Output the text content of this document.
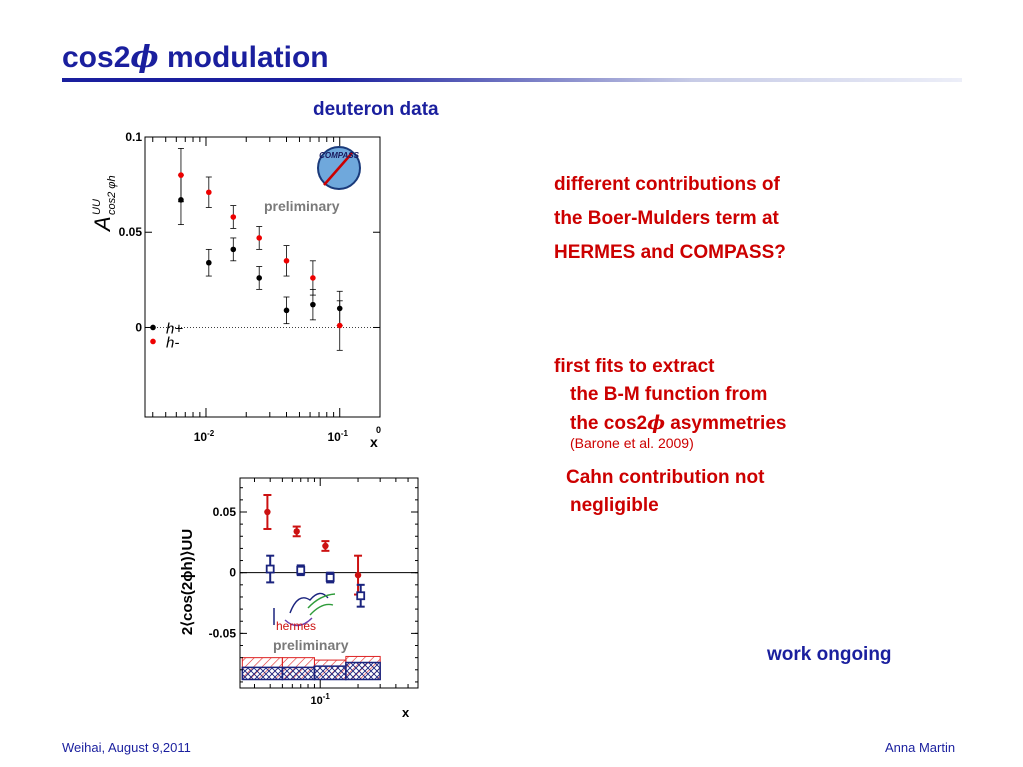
cos2ϕ modulation
deuteron data
different contributions of
the Boer-Mulders term at
HERMES and COMPASS?
first fits to extract
the B-M function from
the cos2ϕ asymmetries
(Barone et al. 2009)
Cahn contribution not
negligible
work ongoing
Weihai, August 9,2011	Anna Martin
0.1
0.05
0
$10^{-2}$	$10^{-1}$	0
x
A
UU cos2 φh
COMPASS
preliminary
h+
h-
0.05
0
-0.05
$10^{-1}$
x
2⟨cos(2ϕh)⟩UU	hermes
preliminary
